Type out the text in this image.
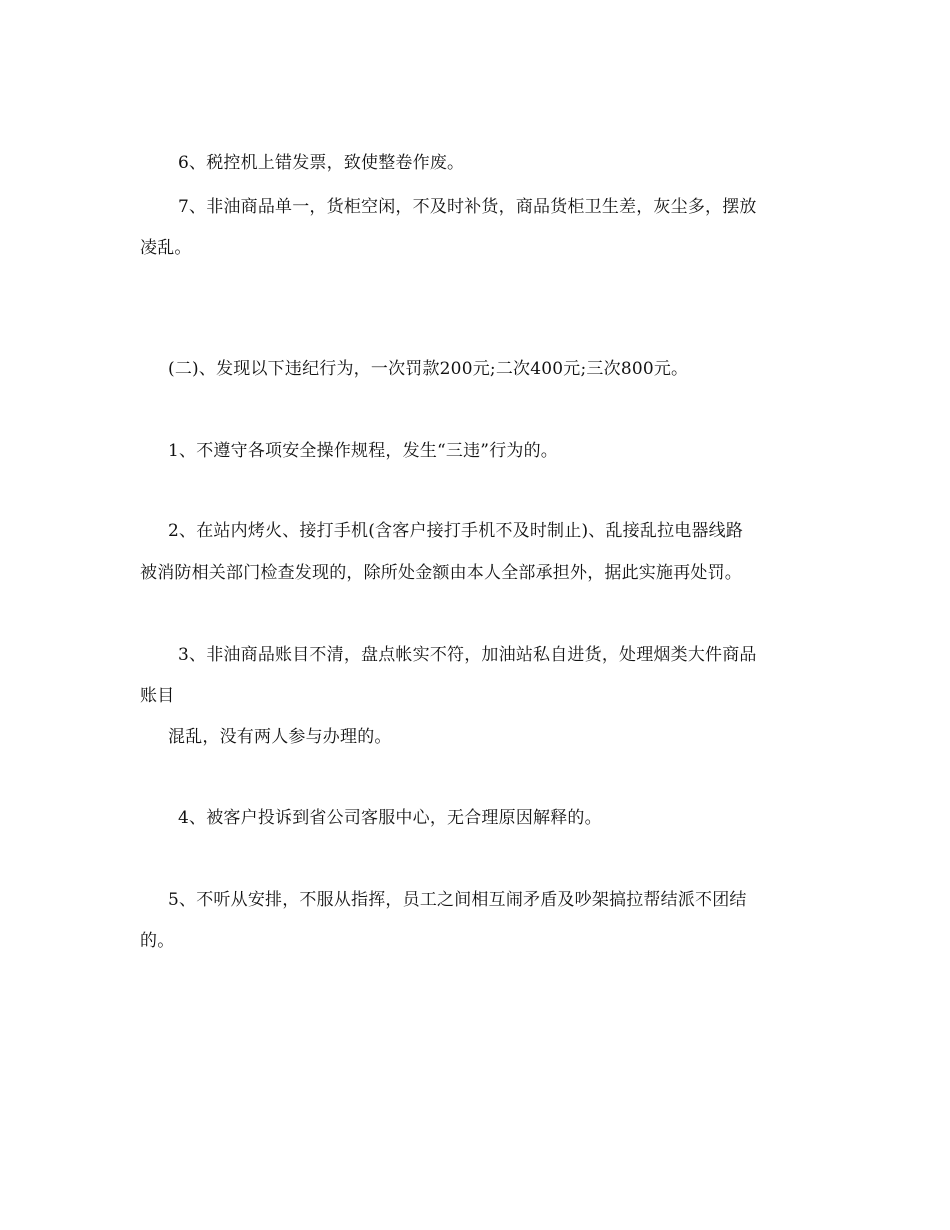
6、税控机上错发票，致使整卷作废。
7、非油商品单一，货柜空闲，不及时补货，商品货柜卫生差，灰尘多，摆放
凌乱。
(二)、发现以下违纪行为，一次罚款200元;二次400元;三次800元。
1、不遵守各项安全操作规程，发生“三违”行为的。
2、在站内烤火、接打手机(含客户接打手机不及时制止)、乱接乱拉电器线路
被消防相关部门检查发现的，除所处金额由本人全部承担外，据此实施再处罚。
3、非油商品账目不清，盘点帐实不符，加油站私自进货，处理烟类大件商品
账目
混乱，没有两人参与办理的。
4、被客户投诉到省公司客服中心，无合理原因解释的。
5、不听从安排，不服从指挥，员工之间相互闹矛盾及吵架搞拉帮结派不团结
的。
